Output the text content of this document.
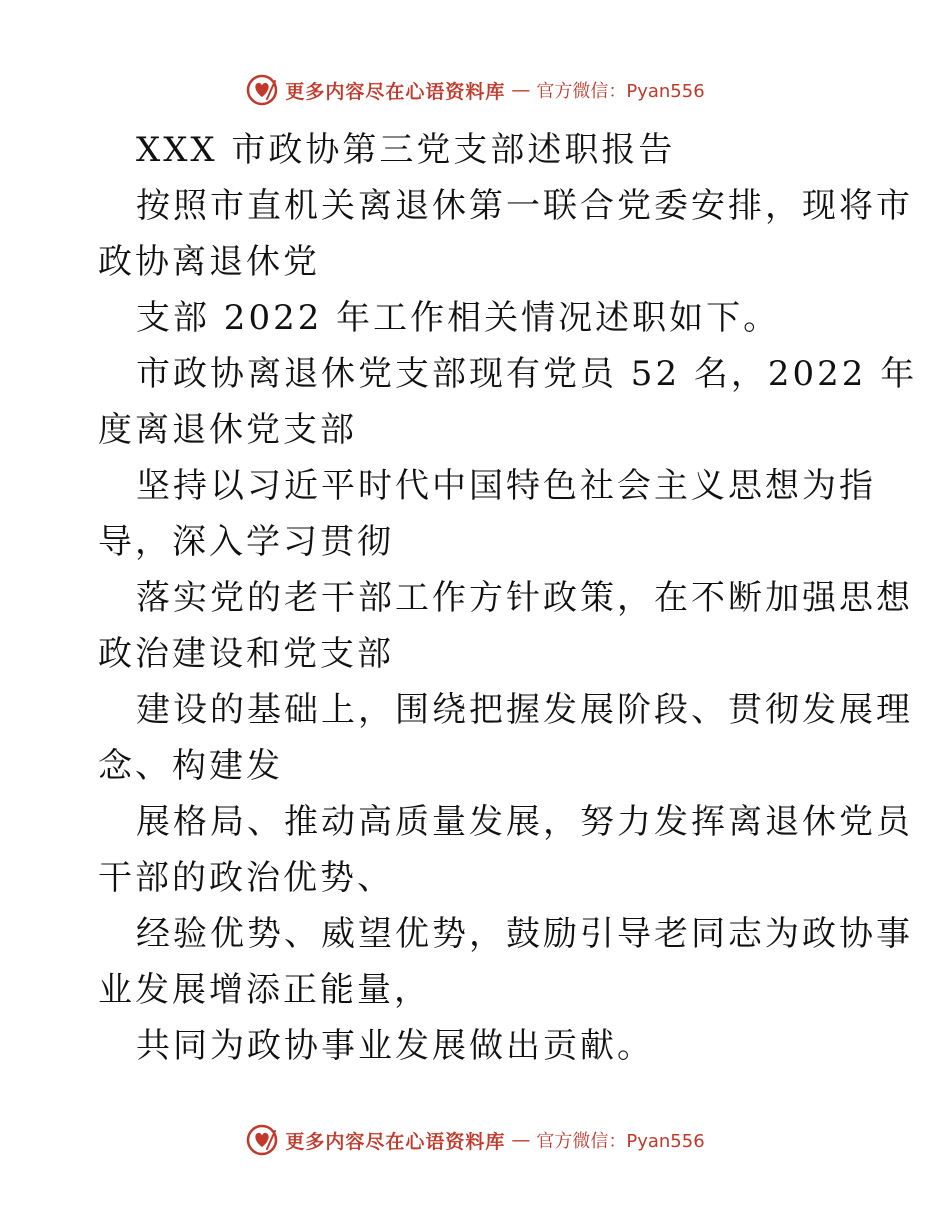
更多内容尽在心语资料库 — 官方微信：Pyan556
XXX 市政协第三党支部述职报告
按照市直机关离退休第一联合党委安排，现将市
政协离退休党
支部 2022 年工作相关情况述职如下。
市政协离退休党支部现有党员 52 名，2022 年
度离退休党支部
坚持以习近平时代中国特色社会主义思想为指
导，深入学习贯彻
落实党的老干部工作方针政策，在不断加强思想
政治建设和党支部
建设的基础上，围绕把握发展阶段、贯彻发展理
念、构建发
展格局、推动高质量发展，努力发挥离退休党员
干部的政治优势、
经验优势、威望优势，鼓励引导老同志为政协事
业发展增添正能量，
共同为政协事业发展做出贡献。
更多内容尽在心语资料库 — 官方微信：Pyan556
